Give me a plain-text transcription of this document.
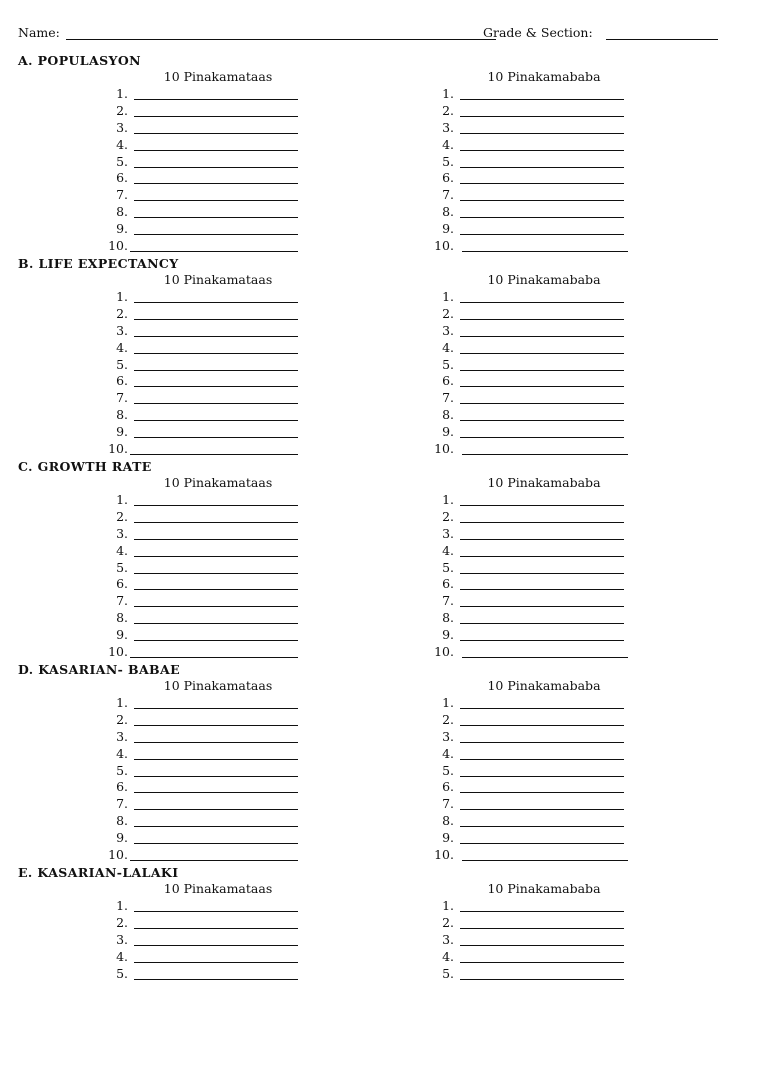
Name:	Grade & Section:
A. POPULASYON
10 Pinakamataas
1.
2.
3.
4.
5.
6.
7.
8.
9.
10.
10 Pinakamababa
1.
2.
3.
4.
5.
6.
7.
8.
9.
10.
B. LIFE EXPECTANCY
10 Pinakamataas
1.
2.
3.
4.
5.
6.
7.
8.
9.
10.
10 Pinakamababa
1.
2.
3.
4.
5.
6.
7.
8.
9.
10.
C. GROWTH RATE
10 Pinakamataas
1.
2.
3.
4.
5.
6.
7.
8.
9.
10.
10 Pinakamababa
1.
2.
3.
4.
5.
6.
7.
8.
9.
10.
D. KASARIAN- BABAE
10 Pinakamataas
1.
2.
3.
4.
5.
6.
7.
8.
9.
10.
10 Pinakamababa
1.
2.
3.
4.
5.
6.
7.
8.
9.
10.
E. KASARIAN-LALAKI
10 Pinakamataas
1.
2.
3.
4.
5.
10 Pinakamababa
1.
2.
3.
4.
5.
